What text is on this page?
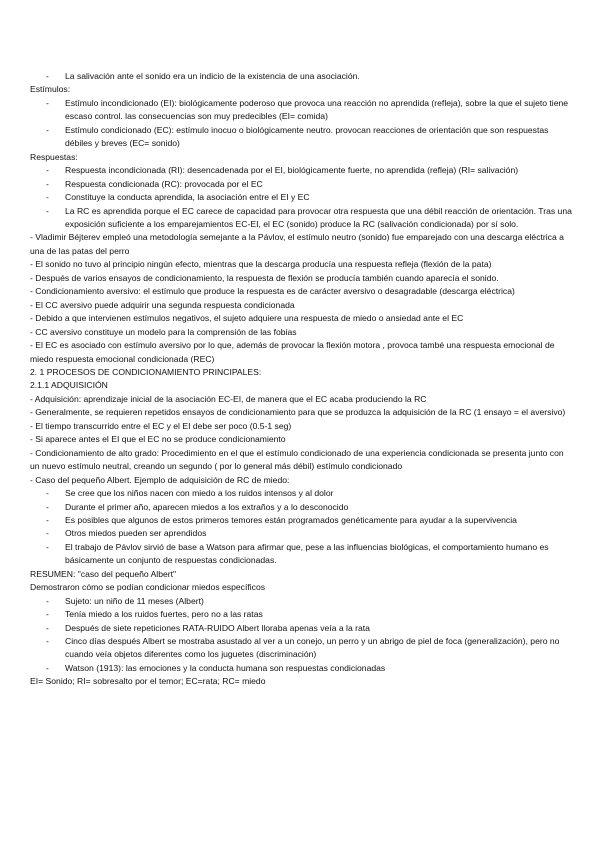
- La salivación ante el sonido era un indicio de la existencia de una asociación.
Estímulos:
- Estímulo incondicionado (EI): biológicamente poderoso que provoca una reacción no aprendida (refleja), sobre la que el sujeto tiene escaso control. las consecuencias son muy predecibles (EI= comida)
- Estímulo condicionado (EC): estímulo inocuo o biológicamente neutro. provocan reacciones de orientación que son respuestas débiles y breves (EC= sonido)
Respuestas:
- Respuesta incondicionada (RI): desencadenada por el EI, biológicamente fuerte, no aprendida (refleja) (RI= salivación)
- Respuesta condicionada (RC): provocada por el EC
- Constituye la conducta aprendida, la asociación entre el EI y EC
- La RC es aprendida porque el EC carece de capacidad para provocar otra respuesta que una débil reacción de orientación. Tras una exposición suficiente a los emparejamientos EC-EI, el EC (sonido) produce la RC (salivación condicionada) por sí solo.
- Vladimir Béjterev empleó una metodología semejante a la Pávlov, el estímulo neutro (sonido) fue emparejado con una descarga eléctrica a una de las patas del perro
- El sonido no tuvo al principio ningún efecto, mientras que la descarga producía una respuesta refleja (flexión de la pata)
- Después de varios ensayos de condicionamiento, la respuesta de flexión se producía también cuando aparecía el sonido.
- Condicionamiento aversivo: el estímulo que produce la respuesta es de carácter aversivo o desagradable (descarga eléctrica)
- El CC aversivo puede adquirir una segunda respuesta condicionada
- Debido a que intervienen estímulos negativos, el sujeto adquiere una respuesta de miedo o ansiedad ante el EC
- CC aversivo constituye un modelo para la comprensión de las fobias
- El EC es asociado con estímulo aversivo por lo que, además de provocar la flexión motora , provoca també una respuesta emocional de miedo respuesta emocional condicionada (REC)
2. 1 PROCESOS DE CONDICIONAMIENTO PRINCIPALES:
2.1.1 ADQUISICIÓN
- Adquisición: aprendizaje inicial de la asociación EC-EI, de manera que el EC acaba produciendo la RC
- Generalmente, se requieren repetidos ensayos de condicionamiento para que se produzca la adquisición de la RC (1 ensayo = el aversivo)
- El tiempo transcurrido entre el EC y el EI debe ser poco (0.5-1 seg)
- Si aparece antes el EI que el EC no se produce condicionamiento
- Condicionamiento de alto grado: Procedimiento en el que el estímulo condicionado de una experiencia condicionada se presenta junto con un nuevo estímulo neutral, creando un segundo ( por lo general más débil) estímulo condicionado
- Caso del pequeño Albert. Ejemplo de adquisición de RC de miedo:
- Se cree que los niños nacen con miedo a los ruidos intensos y al dolor
- Durante el primer año, aparecen miedos a los extraños y a lo desconocido
- Es posibles que algunos de estos primeros temores están programados genéticamente para ayudar a la supervivencia
- Otros miedos pueden ser aprendidos
- El trabajo de Pávlov sirvió de base a Watson para afirmar que, pese a las influencias biológicas, el comportamiento humano es básicamente un conjunto de respuestas condicionadas.
RESUMEN: "caso del pequeño Albert"
Demostraron cómo se podían condicionar miedos específicos
- Sujeto: un niño de 11 meses (Albert)
- Tenía miedo a los ruidos fuertes, pero no a las ratas
- Después de siete repeticiones RATA-RUIDO Albert lloraba apenas veía a la rata
- Cinco días después Albert se mostraba asustado al ver a un conejo, un perro y un abrigo de piel de foca (generalización), pero no cuando veía objetos diferentes como los juguetes (discriminación)
- Watson (1913): las emociones y la conducta humana son respuestas condicionadas
EI= Sonido; RI= sobresalto por el temor; EC=rata; RC= miedo
